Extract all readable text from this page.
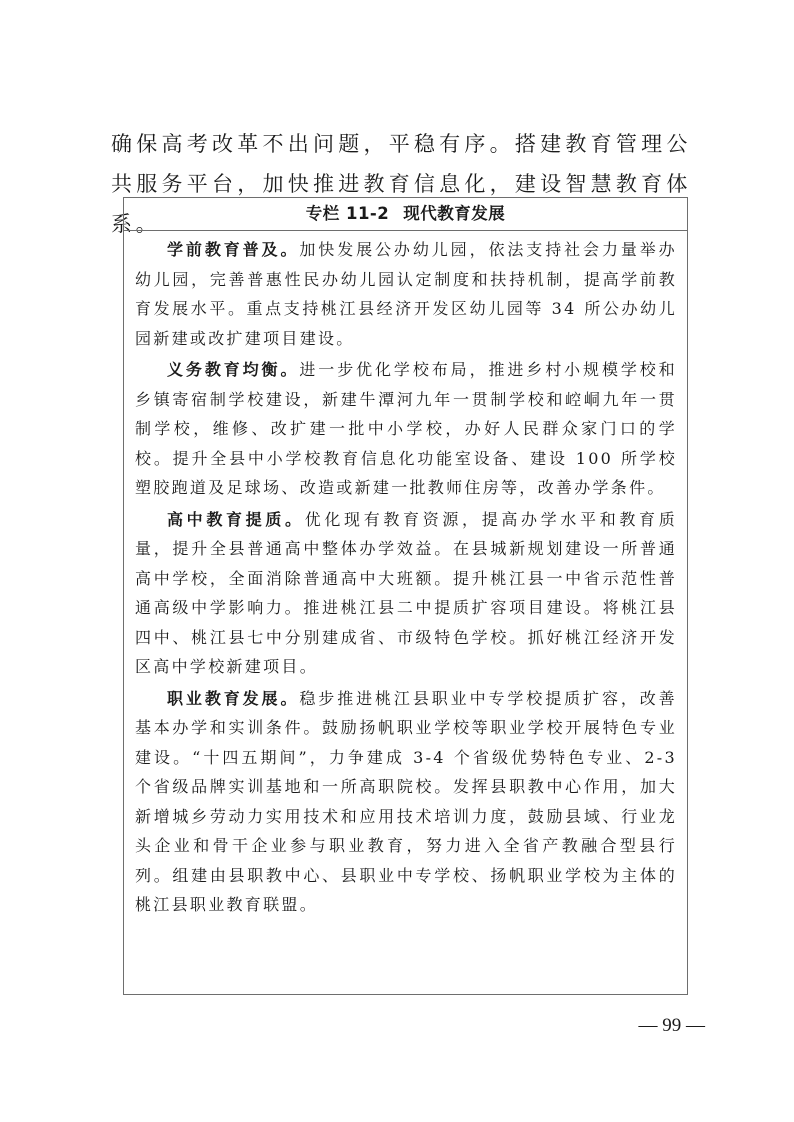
确保高考改革不出问题，平稳有序。搭建教育管理公共服务平台，加快推进教育信息化，建设智慧教育体系。	专栏 11-2 现代教育发展

学前教育普及。加快发展公办幼儿园，依法支持社会力量举办幼儿园，完善普惠性民办幼儿园认定制度和扶持机制，提高学前教育发展水平。重点支持桃江县经济开发区幼儿园等 34 所公办幼儿园新建或改扩建项目建设。

义务教育均衡。进一步优化学校布局，推进乡村小规模学校和乡镇寄宿制学校建设，新建牛潭河九年一贯制学校和崆峒九年一贯制学校，维修、改扩建一批中小学校，办好人民群众家门口的学校。提升全县中小学校教育信息化功能室设备、建设 100 所学校塑胶跑道及足球场、改造或新建一批教师住房等，改善办学条件。

高中教育提质。优化现有教育资源，提高办学水平和教育质量，提升全县普通高中整体办学效益。在县城新规划建设一所普通高中学校，全面消除普通高中大班额。提升桃江县一中省示范性普通高级中学影响力。推进桃江县二中提质扩容项目建设。将桃江县四中、桃江县七中分别建成省、市级特色学校。抓好桃江经济开发区高中学校新建项目。

职业教育发展。稳步推进桃江县职业中专学校提质扩容，改善基本办学和实训条件。鼓励扬帆职业学校等职业学校开展特色专业建设。“十四五期间”，力争建成 3-4 个省级优势特色专业、2-3 个省级品牌实训基地和一所高职院校。发挥县职教中心作用，加大新增城乡劳动力实用技术和应用技术培训力度，鼓励县域、行业龙头企业和骨干企业参与职业教育，努力进入全省产教融合型县行列。组建由县职教中心、县职业中专学校、扬帆职业学校为主体的桃江县职业教育联盟。

— 99 —
